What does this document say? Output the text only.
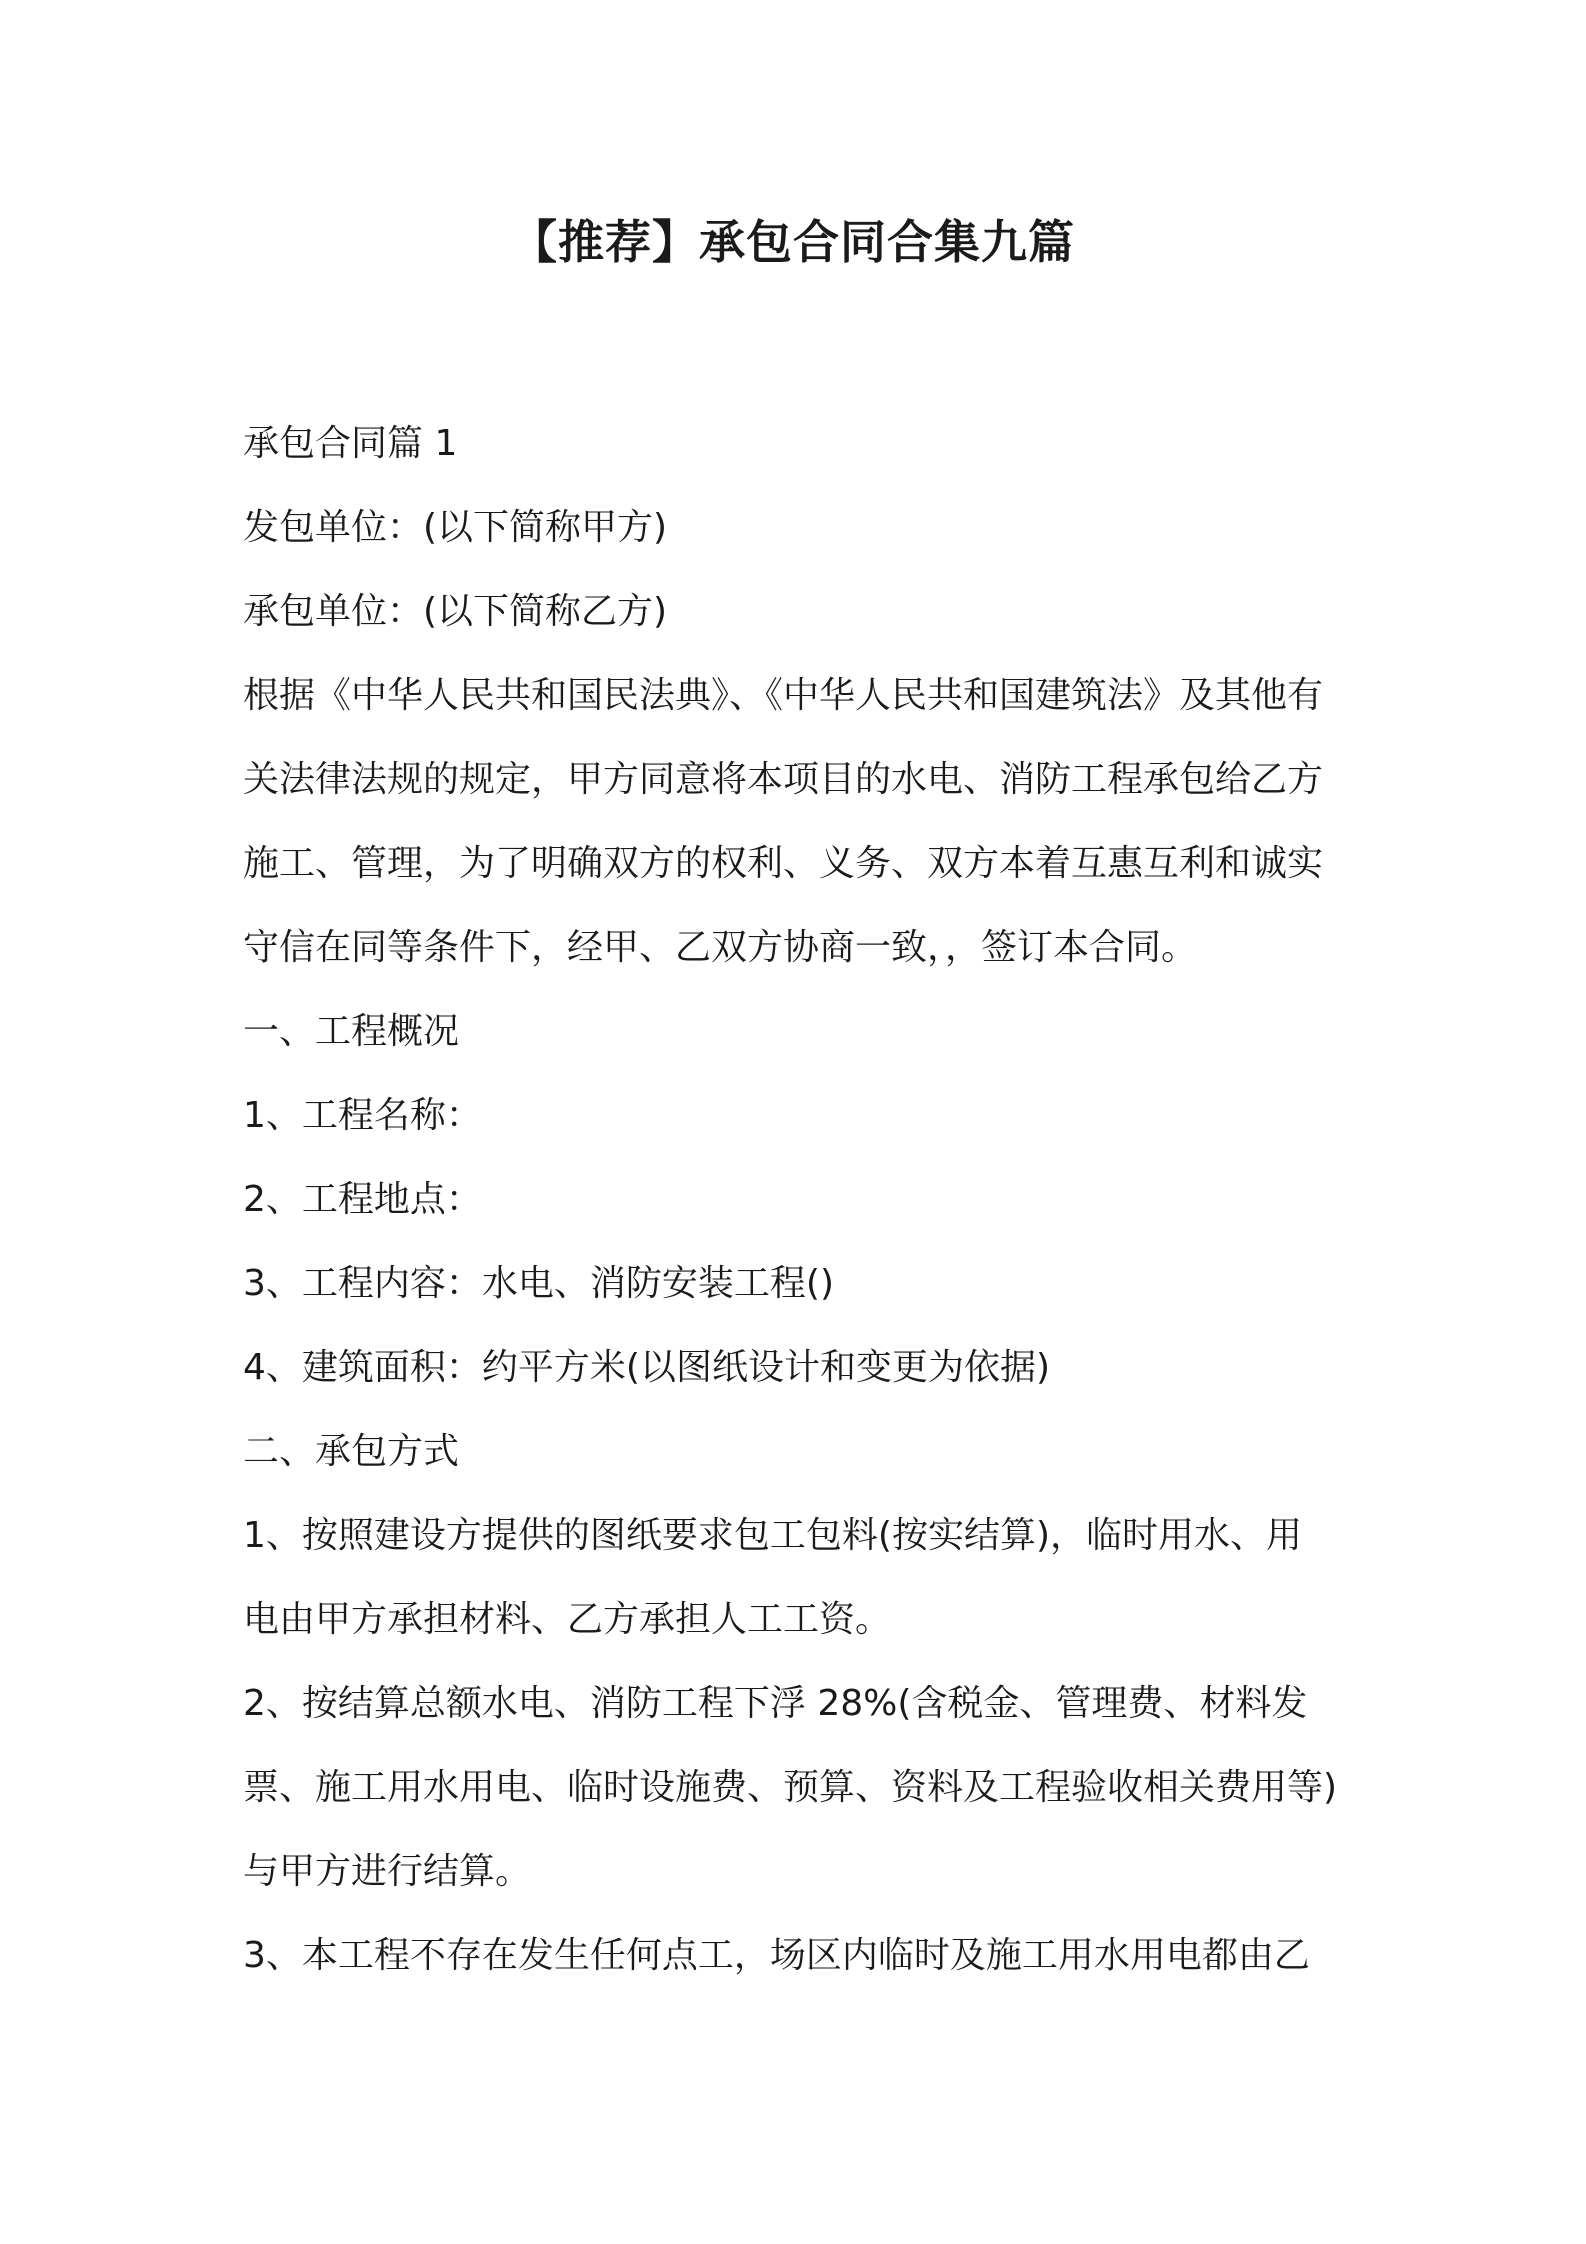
【推荐】承包合同合集九篇
承包合同篇 1
发包单位：(以下简称甲方)
承包单位：(以下简称乙方)
根据《中华人民共和国民法典》、《中华人民共和国建筑法》及其他有
关法律法规的规定，甲方同意将本项目的水电、消防工程承包给乙方
施工、管理，为了明确双方的权利、义务、双方本着互惠互利和诚实
守信在同等条件下，经甲、乙双方协商一致，，签订本合同。
一、工程概况
1、工程名称：
2、工程地点：
3、工程内容：水电、消防安装工程()
4、建筑面积：约平方米(以图纸设计和变更为依据)
二、承包方式
1、按照建设方提供的图纸要求包工包料(按实结算)，临时用水、用
电由甲方承担材料、乙方承担人工工资。
2、按结算总额水电、消防工程下浮 28%(含税金、管理费、材料发
票、施工用水用电、临时设施费、预算、资料及工程验收相关费用等)
与甲方进行结算。
3、本工程不存在发生任何点工，场区内临时及施工用水用电都由乙
